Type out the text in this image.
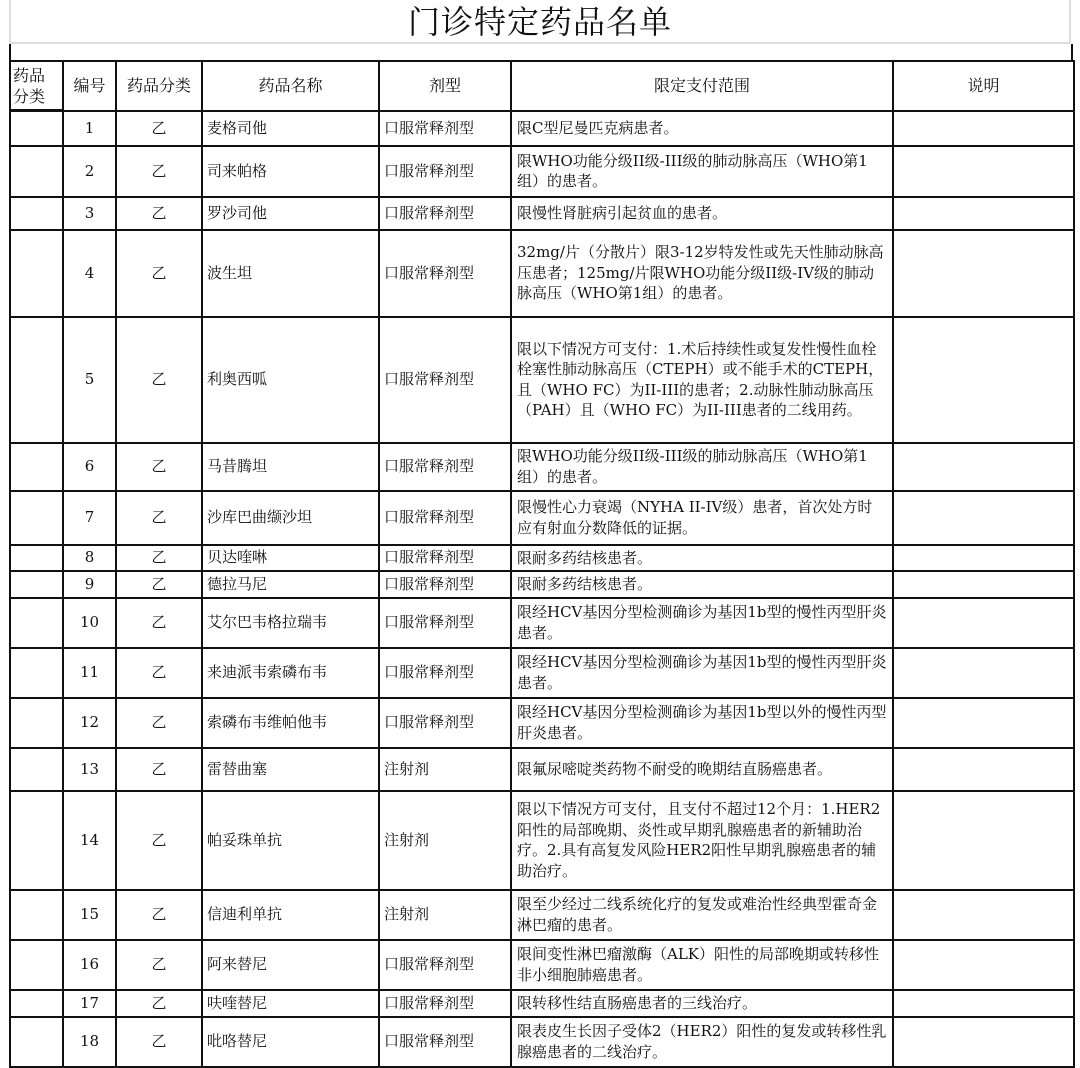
门诊特定药品名单
药品分类	编号	药品分类	药品名称	剂型	限定支付范围	说明
	1	乙	麦格司他	口服常释剂型	限C型尼曼匹克病患者。	
	2	乙	司来帕格	口服常释剂型	限WHO功能分级II级-III级的肺动脉高压（WHO第1组）的患者。	
	3	乙	罗沙司他	口服常释剂型	限慢性肾脏病引起贫血的患者。	
	4	乙	波生坦	口服常释剂型	32mg/片（分散片）限3-12岁特发性或先天性肺动脉高压患者；125mg/片限WHO功能分级II级-IV级的肺动脉高压（WHO第1组）的患者。	
	5	乙	利奥西呱	口服常释剂型	限以下情况方可支付：1.术后持续性或复发性慢性血栓栓塞性肺动脉高压（CTEPH）或不能手术的CTEPH，且（WHO FC）为II-III的患者；2.动脉性肺动脉高压（PAH）且（WHO FC）为II-III患者的二线用药。	
	6	乙	马昔腾坦	口服常释剂型	限WHO功能分级II级-III级的肺动脉高压（WHO第1组）的患者。	
	7	乙	沙库巴曲缬沙坦	口服常释剂型	限慢性心力衰竭（NYHA II-IV级）患者，首次处方时应有射血分数降低的证据。	
	8	乙	贝达喹啉	口服常释剂型	限耐多药结核患者。	
	9	乙	德拉马尼	口服常释剂型	限耐多药结核患者。	
	10	乙	艾尔巴韦格拉瑞韦	口服常释剂型	限经HCV基因分型检测确诊为基因1b型的慢性丙型肝炎患者。	
	11	乙	来迪派韦索磷布韦	口服常释剂型	限经HCV基因分型检测确诊为基因1b型的慢性丙型肝炎患者。	
	12	乙	索磷布韦维帕他韦	口服常释剂型	限经HCV基因分型检测确诊为基因1b型以外的慢性丙型肝炎患者。	
	13	乙	雷替曲塞	注射剂	限氟尿嘧啶类药物不耐受的晚期结直肠癌患者。	
	14	乙	帕妥珠单抗	注射剂	限以下情况方可支付，且支付不超过12个月：1.HER2阳性的局部晚期、炎性或早期乳腺癌患者的新辅助治疗。2.具有高复发风险HER2阳性早期乳腺癌患者的辅助治疗。	
	15	乙	信迪利单抗	注射剂	限至少经过二线系统化疗的复发或难治性经典型霍奇金淋巴瘤的患者。	
	16	乙	阿来替尼	口服常释剂型	限间变性淋巴瘤激酶（ALK）阳性的局部晚期或转移性非小细胞肺癌患者。	
	17	乙	呋喹替尼	口服常释剂型	限转移性结直肠癌患者的三线治疗。	
	18	乙	吡咯替尼	口服常释剂型	限表皮生长因子受体2（HER2）阳性的复发或转移性乳腺癌患者的二线治疗。	
